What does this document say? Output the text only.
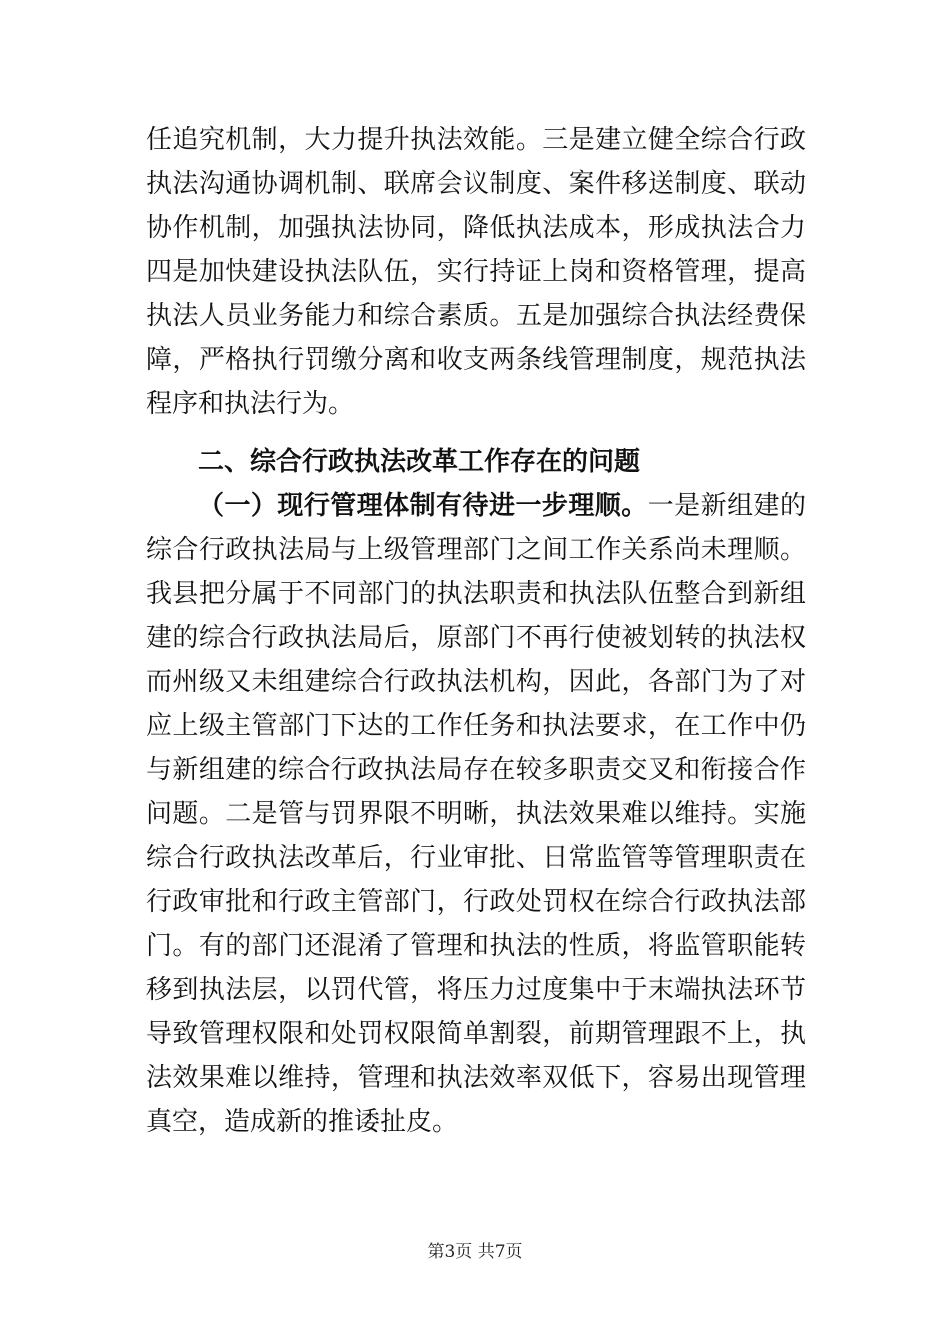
任追究机制，大力提升执法效能。三是建立健全综合行政
执法沟通协调机制、联席会议制度、案件移送制度、联动
协作机制，加强执法协同，降低执法成本，形成执法合力
四是加快建设执法队伍，实行持证上岗和资格管理，提高
执法人员业务能力和综合素质。五是加强综合执法经费保
障，严格执行罚缴分离和收支两条线管理制度，规范执法
程序和执法行为。
二、综合行政执法改革工作存在的问题
（一）现行管理体制有待进一步理顺。一是新组建的
综合行政执法局与上级管理部门之间工作关系尚未理顺。
我县把分属于不同部门的执法职责和执法队伍整合到新组
建的综合行政执法局后，原部门不再行使被划转的执法权
而州级又未组建综合行政执法机构，因此，各部门为了对
应上级主管部门下达的工作任务和执法要求，在工作中仍
与新组建的综合行政执法局存在较多职责交叉和衔接合作
问题。二是管与罚界限不明晰，执法效果难以维持。实施
综合行政执法改革后，行业审批、日常监管等管理职责在
行政审批和行政主管部门，行政处罚权在综合行政执法部
门。有的部门还混淆了管理和执法的性质，将监管职能转
移到执法层，以罚代管，将压力过度集中于末端执法环节
导致管理权限和处罚权限简单割裂，前期管理跟不上，执
法效果难以维持，管理和执法效率双低下，容易出现管理
真空，造成新的推诿扯皮。
第3页 共7页
